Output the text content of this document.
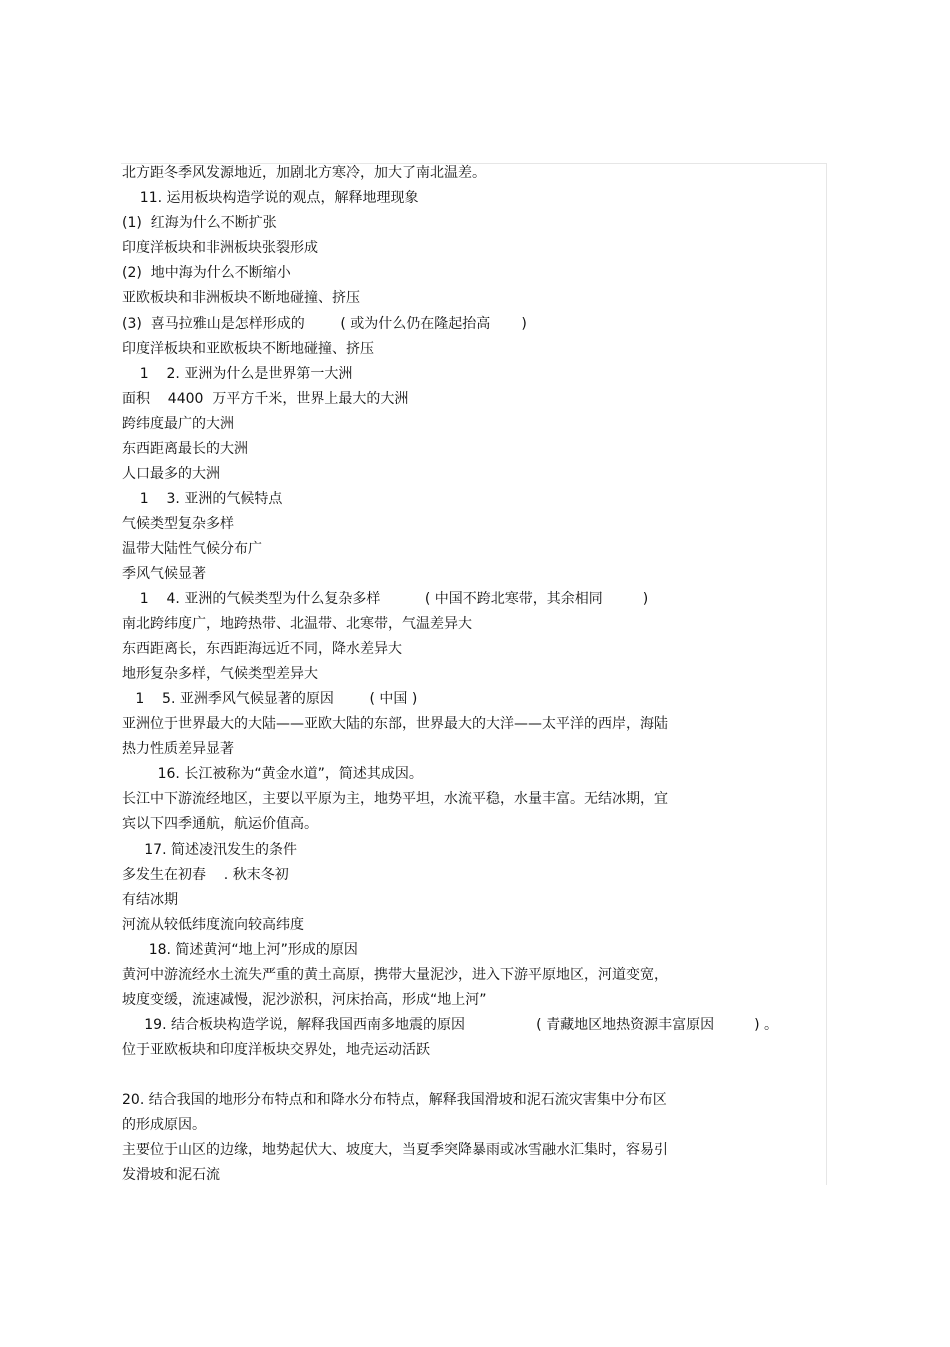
北方距冬季风发源地近，加剧北方寒冷，加大了南北温差。
11. 运用板块构造学说的观点，解释地理现象
(1)  红海为什么不断扩张
印度洋板块和非洲板块张裂形成
(2)  地中海为什么不断缩小
亚欧板块和非洲板块不断地碰撞、挤压
(3)  喜马拉雅山是怎样形成的        ( 或为什么仍在隆起抬高       )
印度洋板块和亚欧板块不断地碰撞、挤压
1    2. 亚洲为什么是世界第一大洲
面积    4400  万平方千米，世界上最大的大洲
跨纬度最广的大洲
东西距离最长的大洲
人口最多的大洲
1    3. 亚洲的气候特点
气候类型复杂多样
温带大陆性气候分布广
季风气候显著
1    4. 亚洲的气候类型为什么复杂多样          ( 中国不跨北寒带，其余相同         )
南北跨纬度广，地跨热带、北温带、北寒带，气温差异大
东西距离长，东西距海远近不同，降水差异大
地形复杂多样，气候类型差异大
1    5. 亚洲季风气候显著的原因        ( 中国 )
亚洲位于世界最大的大陆——亚欧大陆的东部，世界最大的大洋——太平洋的西岸，海陆
热力性质差异显著
16. 长江被称为“黄金水道”，简述其成因。
长江中下游流经地区，主要以平原为主，地势平坦，水流平稳，水量丰富。无结冰期，宜
宾以下四季通航，航运价值高。
17. 简述凌汛发生的条件
多发生在初春    . 秋末冬初
有结冰期
河流从较低纬度流向较高纬度
18. 简述黄河“地上河”形成的原因
黄河中游流经水土流失严重的黄土高原，携带大量泥沙，进入下游平原地区，河道变宽，
坡度变缓，流速减慢，泥沙淤积，河床抬高，形成“地上河”
19. 结合板块构造学说，解释我国西南多地震的原因                ( 青藏地区地热资源丰富原因         ) 。
位于亚欧板块和印度洋板块交界处，地壳运动活跃
20. 结合我国的地形分布特点和和降水分布特点，解释我国滑坡和泥石流灾害集中分布区
的形成原因。
主要位于山区的边缘，地势起伏大、坡度大，当夏季突降暴雨或冰雪融水汇集时，容易引
发滑坡和泥石流
